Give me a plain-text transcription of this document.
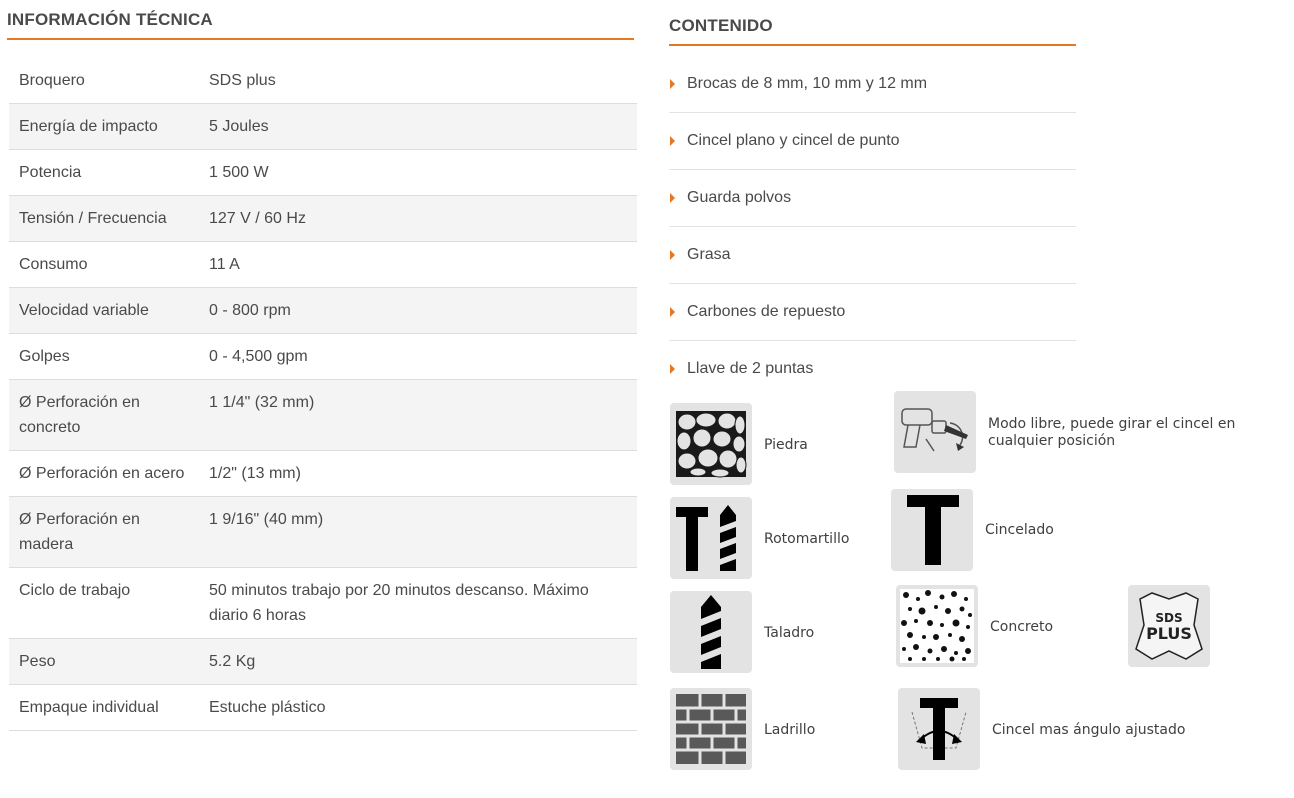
INFORMACIÓN TÉCNICA
Broquero	SDS plus
Energía de impacto	5 Joules
Potencia	1 500 W
Tensión / Frecuencia	127 V / 60 Hz
Consumo	11 A
Velocidad variable	0 - 800 rpm
Golpes	0 - 4,500 gpm
Ø Perforación en concreto	1 1/4" (32 mm)
Ø Perforación en acero	1/2" (13 mm)
Ø Perforación en madera	1 9/16" (40 mm)
Ciclo de trabajo	50 minutos trabajo por 20 minutos descanso. Máximo diario 6 horas
Peso	5.2 Kg
Empaque individual	Estuche plástico
CONTENIDO
Brocas de 8 mm, 10 mm y 12 mm
Cincel plano y cincel de punto
Guarda polvos
Grasa
Carbones de repuesto
Llave de 2 puntas
Piedra
Modo libre, puede girar el cincel en cualquier posición
Rotomartillo
Cincelado
Taladro	Concreto
SDS
PLUS
Ladrillo	Cincel mas ángulo ajustado
